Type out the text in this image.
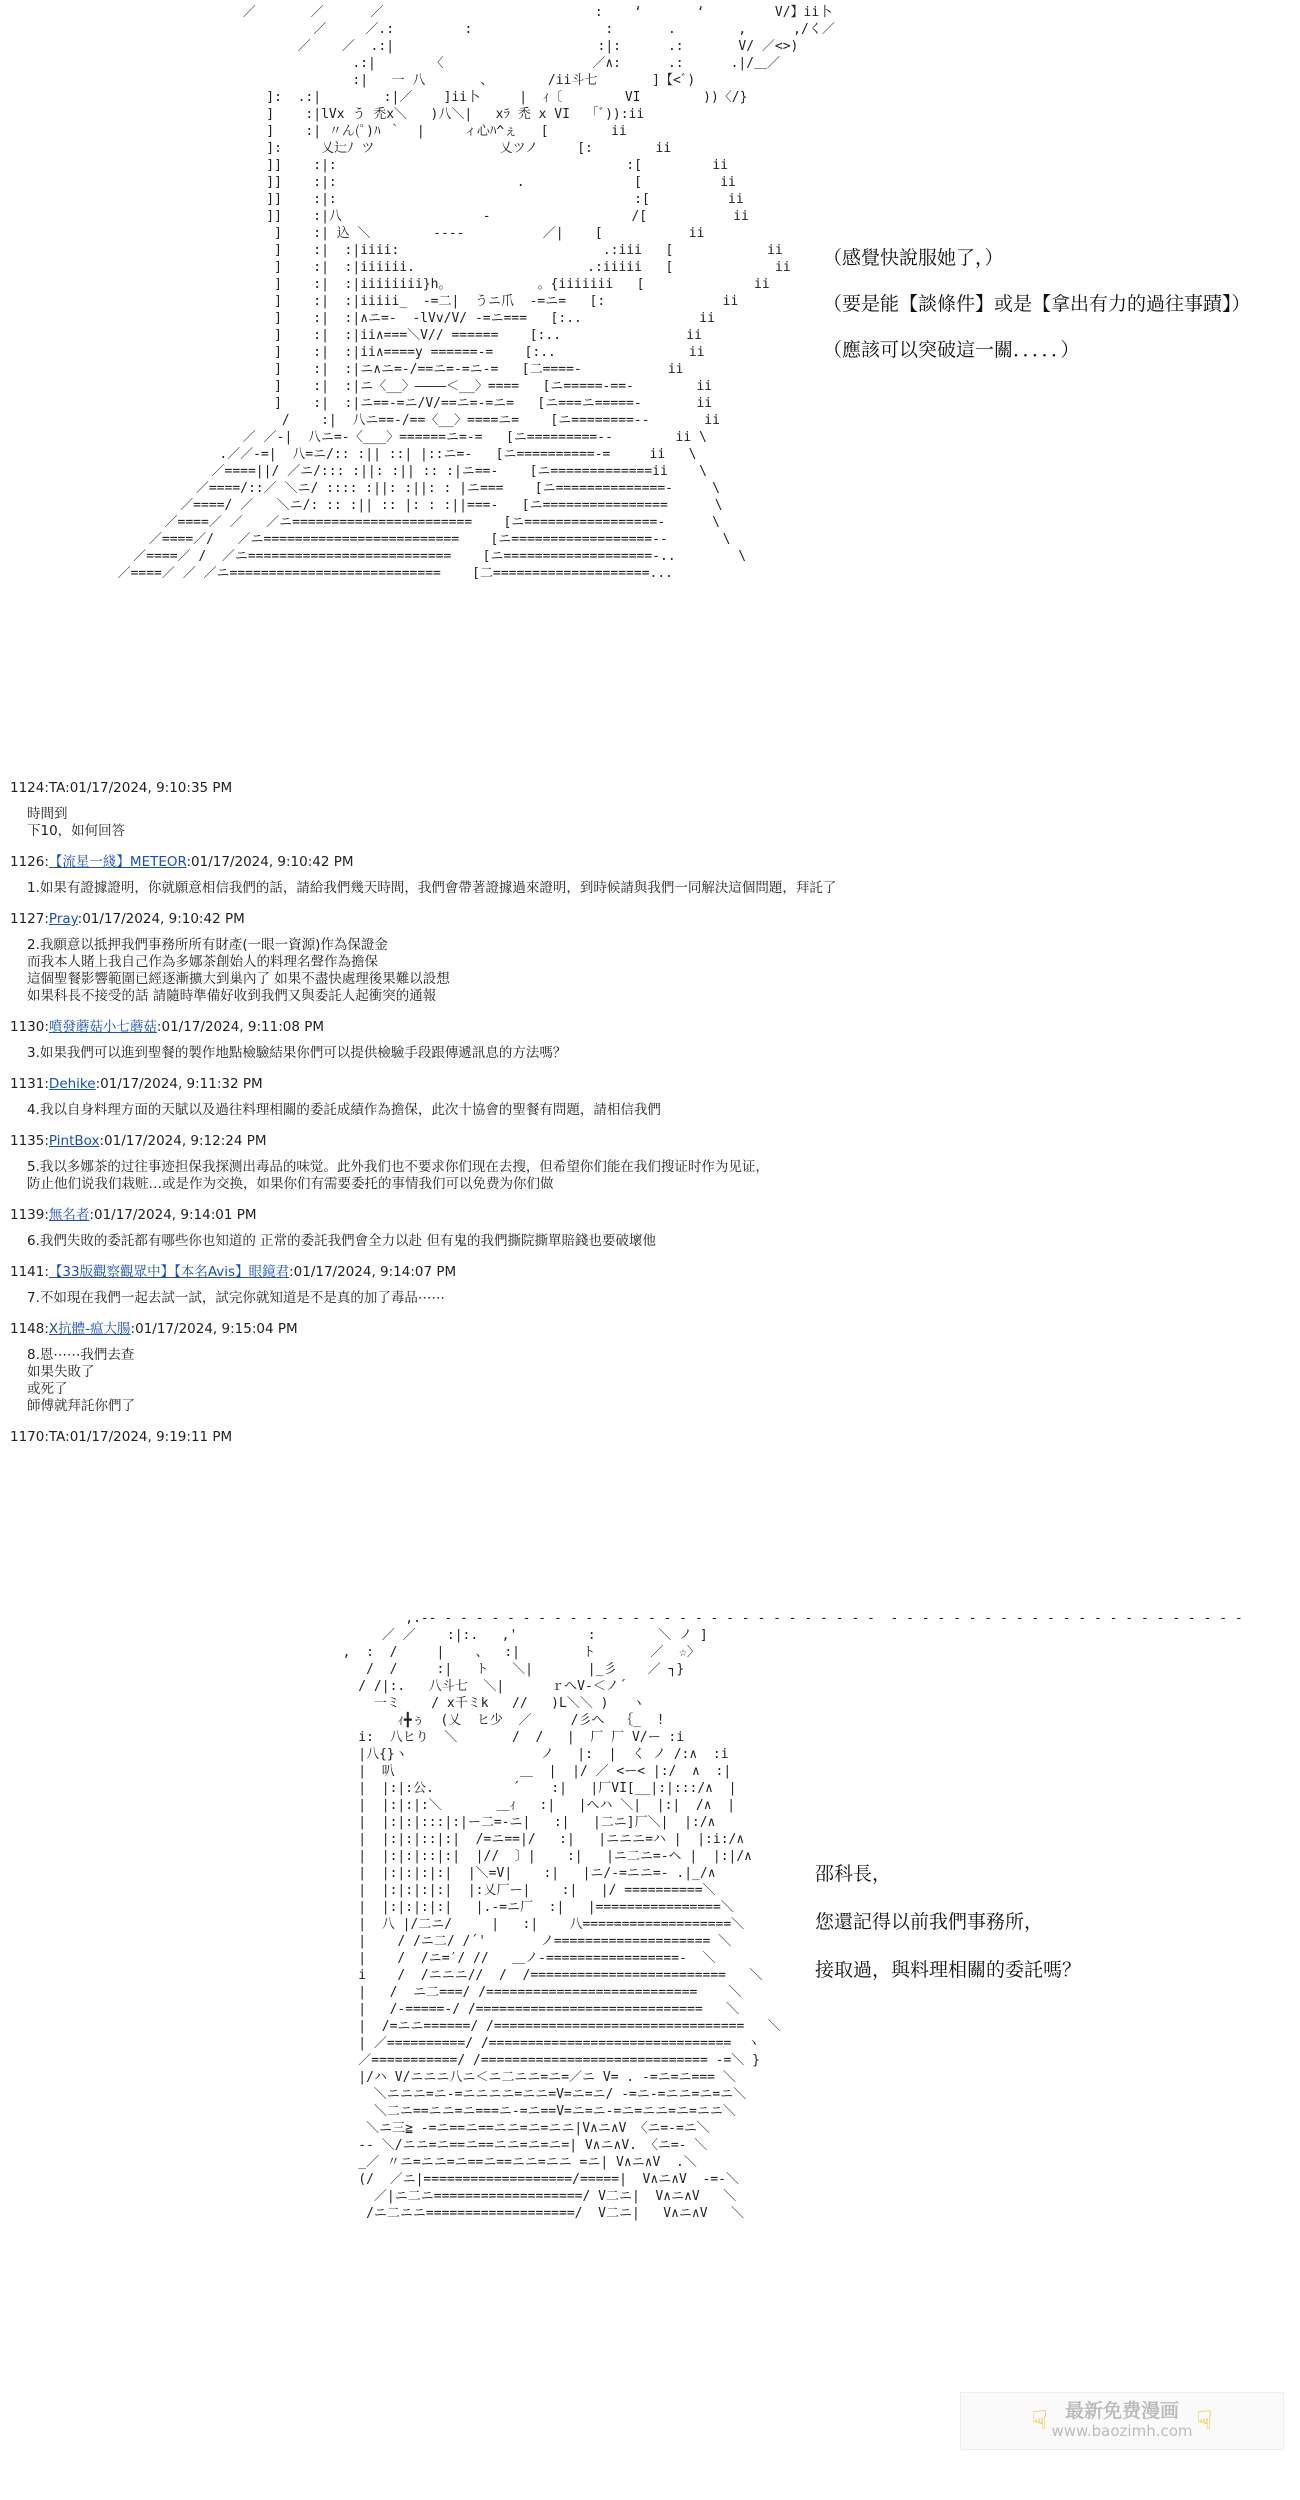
／       ／      ／                           :    ‘       ‘         V/】ii卜
／     ／.:         :                 :       .        ,      ,/く／
／    ／  .:|                          :|:      .:       V/ ／<>)
.:|       〈                   ／∧:      .:      .|/＿／
:|   一 八       、       /ii斗七       ]【<ﾞ)
]:  .:|        :|／    ]ii卜     |  ｨ〔        VI        ))〈/}
]    :|lVx う 禿x＼   )八＼|   xﾗ 禿 x VI  「ﾞ)):ii
]    :| 〃ん(ﾟ)ﾊ ｀  |     ィ心ﾊ^ぇ   [        ii
]:     乂辷ﾉ ツ                乂ツノ     [:        ii
]]    :|:                                     :[         ii
]]    :|:                       .              [          ii
]]    :|:                                      :[          ii
]]    :|八                  ‐                  /[           ii
]    :| 込 ＼        ‐‐‐‐          ／|    [           ii
]    :|  :|iiii:                          .:iii   [            ii
]    :|  :|iiiiii.                      .:iiiii   [             ii
]    :|  :|iiiiiiii}h。           。{iiiiiii   [              ii
]    :|  :|iiiii_  ‐=二|  うニ爪  ‐=ニ=   [:               ii
]    :|  :|∧ニ=‐  -lVv/V/ ‐=ニ===   [:..               ii
]    :|  :|ii∧===＼V// ======    [:..                ii
]    :|  :|ii∧====y ======‐=    [:..                 ii
]    :|  :|ニ∧ニ=-/==ニ=‐=ニ-=   [二====-           ii
]    :|  :|ニ〈__〉――――＜__〉====   [ニ=====‐==‐        ii
]    :|  :|ニ==‐=ニ/V/==ニ=‐=ニ=   [ニ===ニ=====‐       ii
/    :|  八ニ==‐/==〈__〉====ニ=    [ニ========‐‐       ii
／ ／‐|  八ニ=‐〈___〉======ニ=‐=   [ニ=========‐‐        ii \
.／／‐=|  八=ニ/:: :|| ::| |::ニ=‐   [ニ==========‐=     ii   \
／====||/ ／ニ/::: :||: :|| :: :|ニ==‐    [ニ=============ii    \
／====/::／ ＼ニ/ :::: :||: :||: : |ニ===    [ニ==============‐     \
／====/ ／   ＼ニ/: :: :|| :: |: : :||===‐   [ニ================      \
／====／ ／   ／ニ=======================    [ニ=================‐      \
／====／/   ／ニ=========================    [ニ==================‐‐       \
／====／ /  ／ニ==========================    [ニ===================-..        \
／====／ ／ ／ニ===========================    [二====================...
（感覺快說服她了，）
（要是能【談條件】或是【拿出有力的過往事蹟】）
（應該可以突破這一關．．．．．）
1124:TA:01/17/2024, 9:10:35 PM
時間到
下10，如何回答
1126:【流星一綫】METEOR:01/17/2024, 9:10:42 PM
1.如果有證據證明，你就願意相信我們的話，請給我們幾天時間，我們會帶著證據過來證明，到時候請與我們一同解決這個問題，拜託了
1127:Pray:01/17/2024, 9:10:42 PM
2.我願意以抵押我們事務所所有財產(一眼一資源)作為保證金
而我本人賭上我自己作為多娜茶創始人的料理名聲作為擔保
這個聖餐影響範圍已經逐漸擴大到巢內了 如果不盡快處理後果難以設想
如果科長不接受的話 請隨時準備好收到我們又與委託人起衝突的通報
1130:噴發蘑菇小七蘑菇:01/17/2024, 9:11:08 PM
3.如果我們可以進到聖餐的製作地點檢驗結果你們可以提供檢驗手段跟傳遞訊息的方法嗎？
1131:Dehike:01/17/2024, 9:11:32 PM
4.我以自身料理方面的天賦以及過往料理相關的委託成績作為擔保，此次十協會的聖餐有問題，請相信我們
1135:PintBox:01/17/2024, 9:12:24 PM
5.我以多娜茶的过往事迹担保我探测出毒品的味觉。此外我们也不要求你们现在去搜，但希望你们能在我们搜证时作为见证，
防止他们说我们栽赃…或是作为交换，如果你们有需要委托的事情我们可以免费为你们做
1139:無名者:01/17/2024, 9:14:01 PM
6.我們失敗的委託都有哪些你也知道的 正常的委託我們會全力以赴 但有鬼的我們撕院撕單賠錢也要破壞他
1141:【33版觀察觀眾中】【本名Avis】眼鏡君:01/17/2024, 9:14:07 PM
7.不如現在我們一起去試一試，試完你就知道是不是真的加了毒品⋯⋯
1148:X抗體-瘟大腸:01/17/2024, 9:15:04 PM
8.恩⋯⋯我們去查
如果失敗了
或死了
師傅就拜託你們了
1170:TA:01/17/2024, 9:19:11 PM
,.-‐ ‐ ‐ ‐ ‐ ‐ ‐ ‐ ‐ ‐ ‐ ‐ ‐ ‐ ‐ ‐ ‐ ‐ ‐ ‐ ‐ ‐ ‐ ‐ ‐ ‐ ‐ ‐ ‐  ‐ ‐ ‐ ‐ ‐ ‐ ‐ ‐ ‐ ‐ ‐ ‐ ‐ ‐ ‐ ‐ ‐ ‐ ‐ ‐ ‐ ‐ ‐
／ ／    :|:.   ,'         :        ＼ ノ ]
,  :  /     |    、  :|        ト       ／  ☆〉
/  /     :|   ト   ＼|       |_彡    ／ ┐}
/ /|:.   八斗七  ＼|      ｒへV-＜ノ´
一ミ    / x千ミk   //   )L＼＼ )   ヽ
ｨ╋ぅ  (乂  ヒ少  ／     /彡へ  ｛_  !
i:  八ヒり  ＼       /  /   |  厂 厂 V/ー :i
|八{}ヽ                 ノ   |:  |  く ノ /:∧  :i
|  叭                ＿  |  |/ ／ <ー< |:/  ∧  :|
|  |:|:公.          ´    :|   |厂VI[__|:|:::/∧  |
|  |:|:|:＼       ＿ｨ   :|   |へハ ＼|  |:|  /∧  |
|  |:|:|:::|:|ー二=‐ニ|   :|   |二ニ]厂＼|  |:/∧
|  |:|:|::|:|  /=ニ==|/   :|   |ニニニ=ハ |  |:i:/∧
|  |:|:|::|:|  |//  〕|    :|   |ニ二ニ=-ヘ |  |:|/∧
|  |:|:|:|:|  |＼=V|    :|   |ニ/‐=ニニ=‐ .|_/∧
|  |:|:|:|:|  |:乂厂ー|    :|   |/ ==========＼
|  |:|:|:|:|   |.‐=ニ厂  :|   |================＼
|  八 |/二ニ/     |   :|    八===================＼
|    / /ニ二/ /´'       ノ==================== ＼
|    /  /ニ=′/ //   ＿ノ‐=================-  ＼
i    /  /ニニニ//  /  /=========================   ＼
|   /  ニ二===/ /===========================    ＼
|   /‐=====-/ /=============================   ＼
|  /=ニニ======/ /================================   ＼
| ／==========/ /===============================  ヽ
／===========/ /============================= ‐=＼ }
|/ハ V/ニニニ八ニ＜ニ二ニニ=ニ=／ニ V= . ‐=ニ=ニ=== ＼
＼ニニニ=ニ‐=ニニニニ=ニニ=V=ニ=ニ/ ‐=ニ‐=ニニ=ニ=ニ＼
＼二ニ==ニニ=ニ===ニ‐=ニ==V=ニ=ニ‐=ニ=ニニ=ニ=ニニ＼
＼ニ三≧ ‐=ニ==ニ==ニニ=ニ=ニニ|V∧ニ∧V 〈ニ=‐=ニ＼
-‐ ＼/ニニ=ニ==ニ==ニニ=ニ=ニ=| V∧ニ∧V. 〈ニ=‐ ＼
_／ 〃ニ=ニニ=ニ==ニ==ニニ=ニニ =ニ| V∧ニ∧V  .＼
(/  ／ニ|===================/=====|  V∧ニ∧V  ‐=‐＼
／|ニ二ニ===================/ V二ニ|  V∧ニ∧V   ＼
/ニ二ニニ===================/  V二ニ|   V∧ニ∧V   ＼
邵科長，
您還記得以前我們事務所，
接取過，與料理相關的委託嗎？
☟ 最新免费漫画
www.baozimh.com ☟
